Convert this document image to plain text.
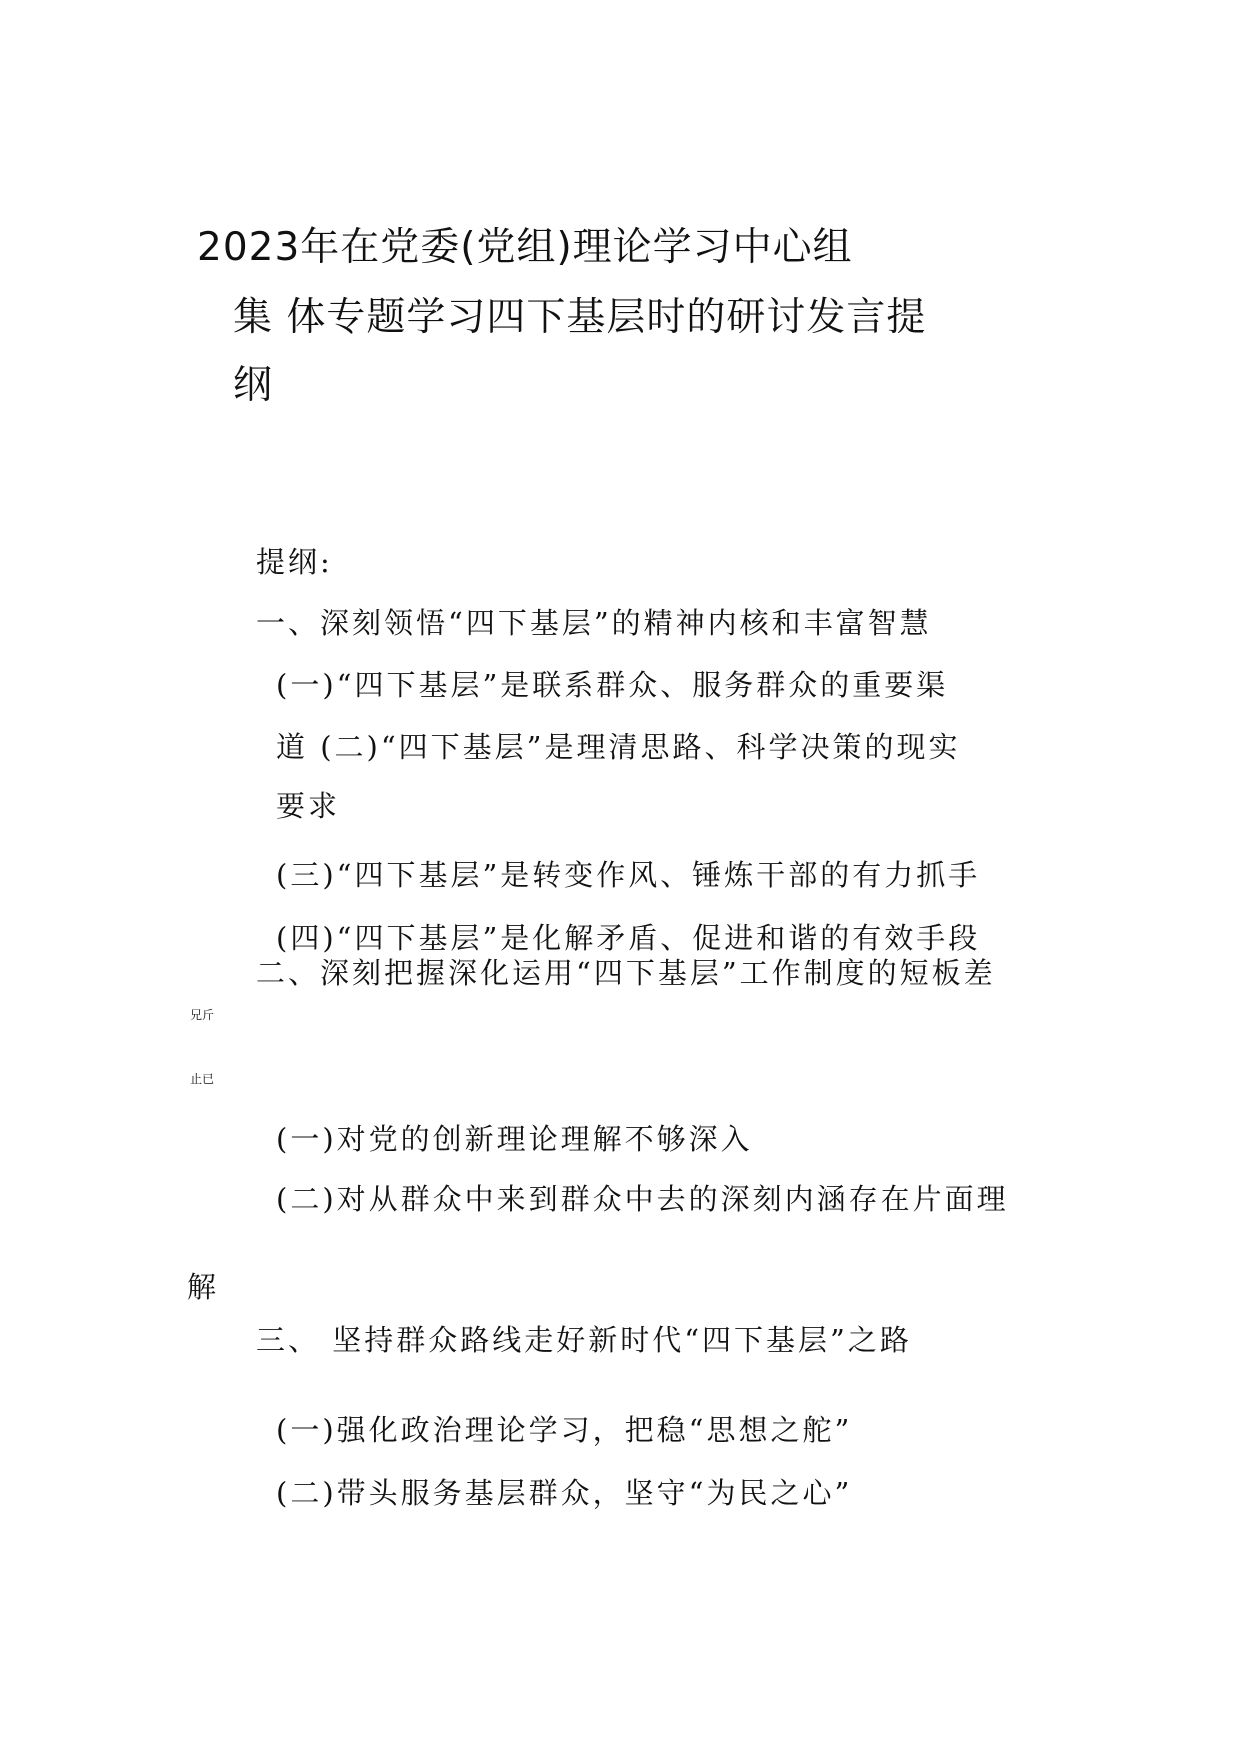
2023年在党委(党组)理论学习中心组
集 体专题学习四下基层时的研讨发言提
纲
提纲:
一、深刻领悟“四下基层”的精神内核和丰富智慧
(一)“四下基层”是联系群众、服务群众的重要渠
道 (二)“四下基层”是理清思路、科学决策的现实
要求
(三)“四下基层”是转变作风、锤炼干部的有力抓手
(四)“四下基层”是化解矛盾、促进和谐的有效手段
二、深刻把握深化运用“四下基层”工作制度的短板差
兄斤
止已
(一)对党的创新理论理解不够深入
(二)对从群众中来到群众中去的深刻内涵存在片面理
解
三、 坚持群众路线走好新时代“四下基层”之路
(一)强化政治理论学习，把稳“思想之舵”
(二)带头服务基层群众，坚守“为民之心”
